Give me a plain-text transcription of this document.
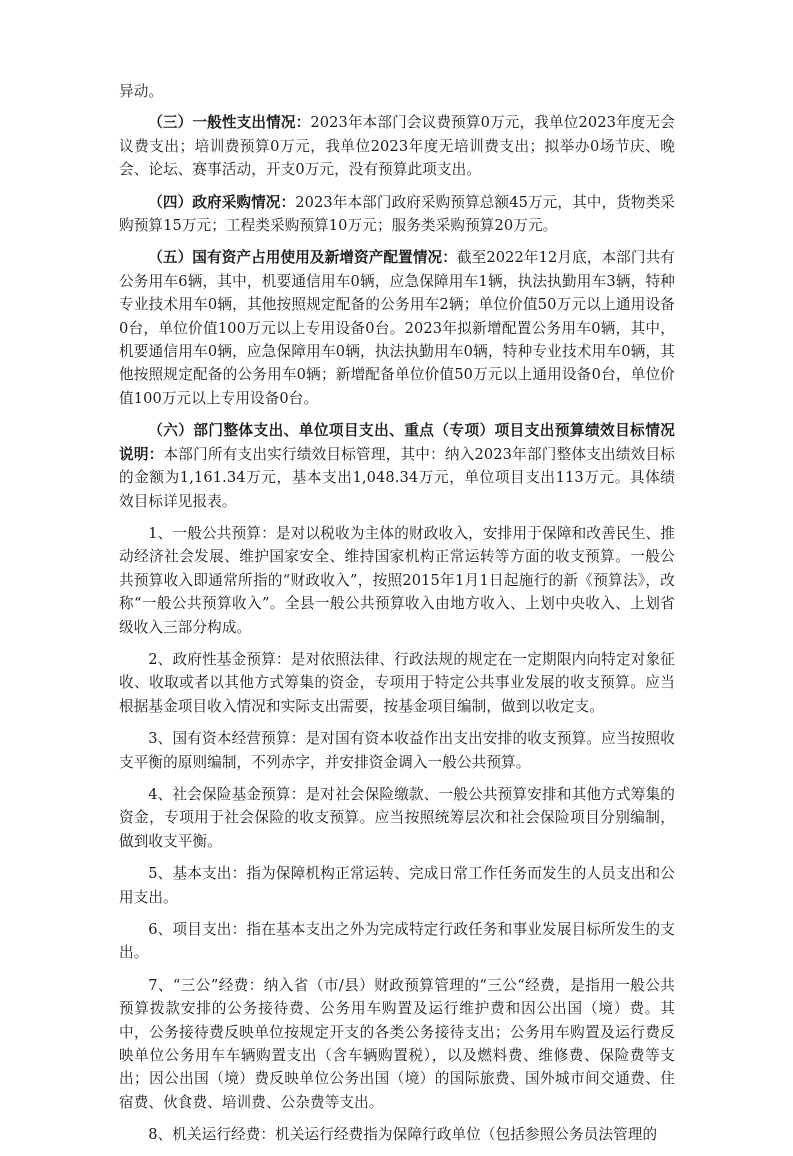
异动。

（三）一般性支出情况：2023年本部门会议费预算0万元，我单位2023年度无会议费支出；培训费预算0万元，我单位2023年度无培训费支出；拟举办0场节庆、晚会、论坛、赛事活动，开支0万元，没有预算此项支出。

（四）政府采购情况：2023年本部门政府采购预算总额45万元，其中，货物类采购预算15万元；工程类采购预算10万元；服务类采购预算20万元。

（五）国有资产占用使用及新增资产配置情况：截至2022年12月底，本部门共有公务用车6辆，其中，机要通信用车0辆，应急保障用车1辆，执法执勤用车3辆，特种专业技术用车0辆，其他按照规定配备的公务用车2辆；单位价值50万元以上通用设备0台，单位价值100万元以上专用设备0台。2023年拟新增配置公务用车0辆，其中，机要通信用车0辆，应急保障用车0辆，执法执勤用车0辆，特种专业技术用车0辆，其他按照规定配备的公务用车0辆；新增配备单位价值50万元以上通用设备0台，单位价值100万元以上专用设备0台。

（六）部门整体支出、单位项目支出、重点（专项）项目支出预算绩效目标情况说明：本部门所有支出实行绩效目标管理，其中：纳入2023年部门整体支出绩效目标的金额为1,161.34万元，基本支出1,048.34万元，单位项目支出113万元。具体绩效目标详见报表。

1、一般公共预算：是对以税收为主体的财政收入，安排用于保障和改善民生、推动经济社会发展、维护国家安全、维持国家机构正常运转等方面的收支预算。一般公共预算收入即通常所指的“财政收入”，按照2015年1月1日起施行的新《预算法》，改称“一般公共预算收入”。全县一般公共预算收入由地方收入、上划中央收入、上划省级收入三部分构成。

2、政府性基金预算：是对依照法律、行政法规的规定在一定期限内向特定对象征收、收取或者以其他方式筹集的资金，专项用于特定公共事业发展的收支预算。应当根据基金项目收入情况和实际支出需要，按基金项目编制，做到以收定支。

3、国有资本经营预算：是对国有资本收益作出支出安排的收支预算。应当按照收支平衡的原则编制，不列赤字，并安排资金调入一般公共预算。

4、社会保险基金预算：是对社会保险缴款、一般公共预算安排和其他方式筹集的资金，专项用于社会保险的收支预算。应当按照统筹层次和社会保险项目分别编制，做到收支平衡。

5、基本支出：指为保障机构正常运转、完成日常工作任务而发生的人员支出和公用支出。

6、项目支出：指在基本支出之外为完成特定行政任务和事业发展目标所发生的支出。

7、“三公”经费：纳入省（市/县）财政预算管理的“三公“经费，是指用一般公共预算拨款安排的公务接待费、公务用车购置及运行维护费和因公出国（境）费。其中，公务接待费反映单位按规定开支的各类公务接待支出；公务用车购置及运行费反映单位公务用车车辆购置支出（含车辆购置税），以及燃料费、维修费、保险费等支出；因公出国（境）费反映单位公务出国（境）的国际旅费、国外城市间交通费、住宿费、伙食费、培训费、公杂费等支出。

8、机关运行经费：机关运行经费指为保障行政单位（包括参照公务员法管理的
